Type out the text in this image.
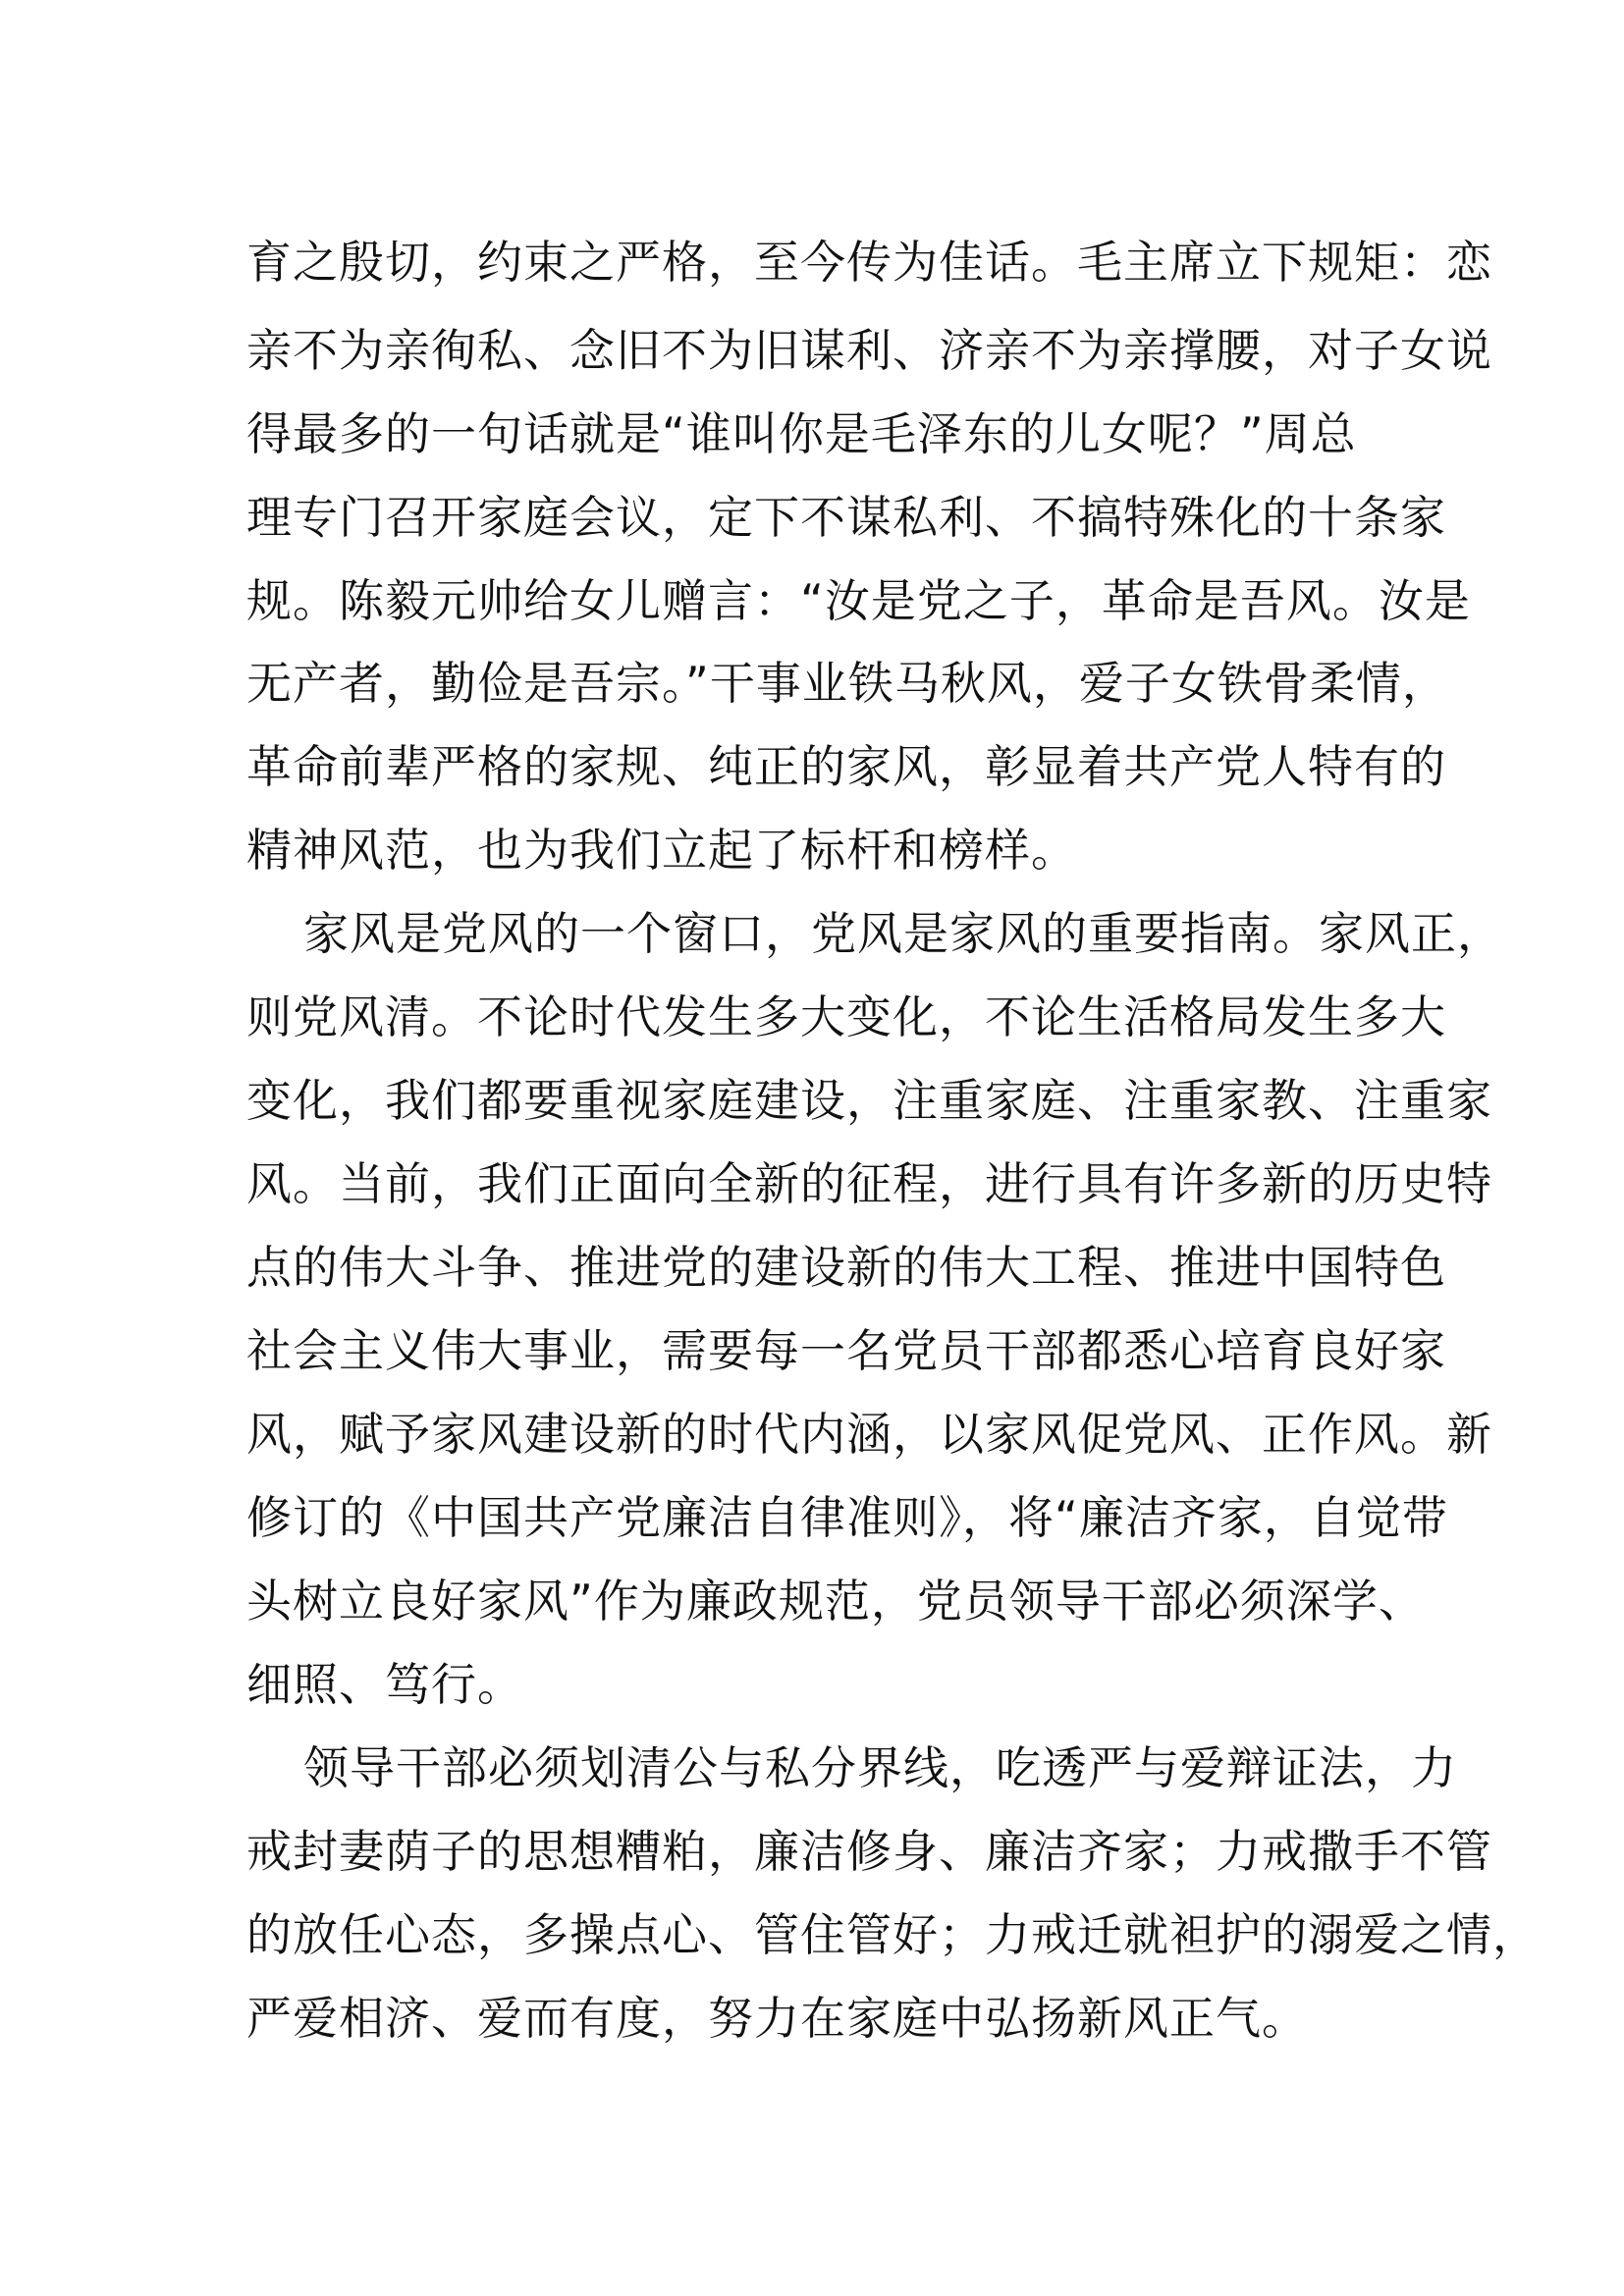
育之殷切，约束之严格，至今传为佳话。毛主席立下规矩：恋
亲不为亲徇私、念旧不为旧谋利、济亲不为亲撑腰，对子女说
得最多的一句话就是“谁叫你是毛泽东的儿女呢？”周总
理专门召开家庭会议，定下不谋私利、不搞特殊化的十条家
规。陈毅元帅给女儿赠言：“汝是党之子，革命是吾风。汝是
无产者，勤俭是吾宗。”干事业铁马秋风，爱子女铁骨柔情，
革命前辈严格的家规、纯正的家风，彰显着共产党人特有的
精神风范，也为我们立起了标杆和榜样。
家风是党风的一个窗口，党风是家风的重要指南。家风正，
则党风清。不论时代发生多大变化，不论生活格局发生多大
变化，我们都要重视家庭建设，注重家庭、注重家教、注重家
风。当前，我们正面向全新的征程，进行具有许多新的历史特
点的伟大斗争、推进党的建设新的伟大工程、推进中国特色
社会主义伟大事业，需要每一名党员干部都悉心培育良好家
风，赋予家风建设新的时代内涵，以家风促党风、正作风。新
修订的《中国共产党廉洁自律准则》，将“廉洁齐家，自觉带
头树立良好家风”作为廉政规范，党员领导干部必须深学、
细照、笃行。
领导干部必须划清公与私分界线，吃透严与爱辩证法，力
戒封妻荫子的思想糟粕，廉洁修身、廉洁齐家；力戒撒手不管
的放任心态，多操点心、管住管好；力戒迁就袒护的溺爱之情，
严爱相济、爱而有度，努力在家庭中弘扬新风正气。
